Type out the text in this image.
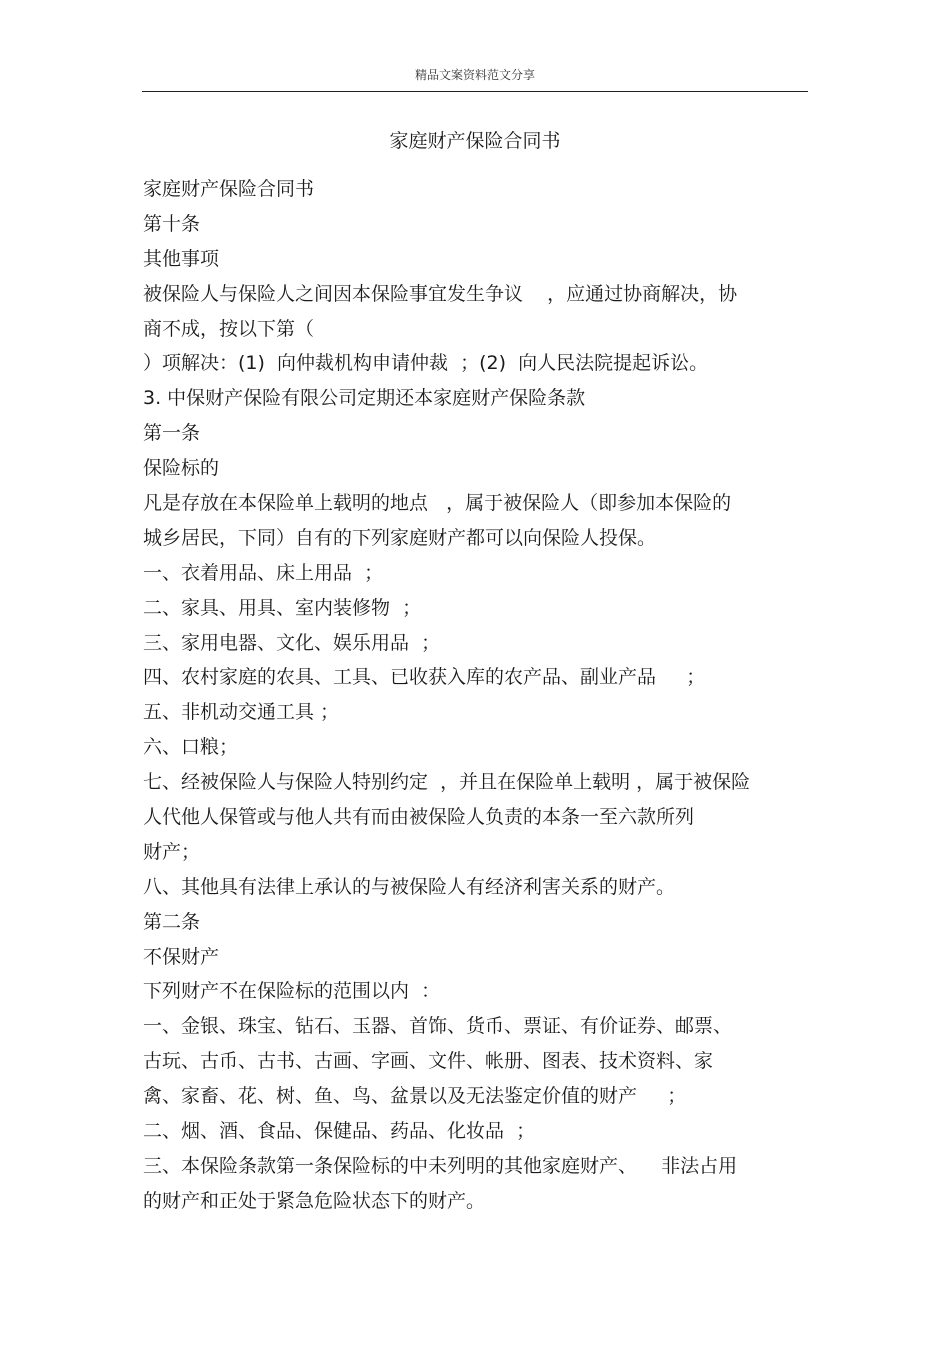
精品文案资料范文分享
家庭财产保险合同书
家庭财产保险合同书
第十条
其他事项
被保险人与保险人之间因本保险事宜发生争议    ，应通过协商解决，协
商不成，按以下第（
）项解决：(1)  向仲裁机构申请仲裁  ；(2)  向人民法院提起诉讼。
3. 中保财产保险有限公司定期还本家庭财产保险条款
第一条
保险标的
凡是存放在本保险单上载明的地点   ，属于被保险人（即参加本保险的
城乡居民，下同）自有的下列家庭财产都可以向保险人投保。
一、衣着用品、床上用品  ；
二、家具、用具、室内装修物  ；
三、家用电器、文化、娱乐用品  ；
四、农村家庭的农具、工具、已收获入库的农产品、副业产品     ；
五、非机动交通工具 ；
六、口粮；
七、经被保险人与保险人特别约定  ，并且在保险单上载明 ，属于被保险
人代他人保管或与他人共有而由被保险人负责的本条一至六款所列
财产；
八、其他具有法律上承认的与被保险人有经济利害关系的财产。
第二条
不保财产
下列财产不在保险标的范围以内  ：
一、金银、珠宝、钻石、玉器、首饰、货币、票证、有价证券、邮票、
古玩、古币、古书、古画、字画、文件、帐册、图表、技术资料、家
禽、家畜、花、树、鱼、鸟、盆景以及无法鉴定价值的财产     ；
二、烟、酒、食品、保健品、药品、化妆品  ；
三、本保险条款第一条保险标的中未列明的其他家庭财产、    非法占用
的财产和正处于紧急危险状态下的财产。
